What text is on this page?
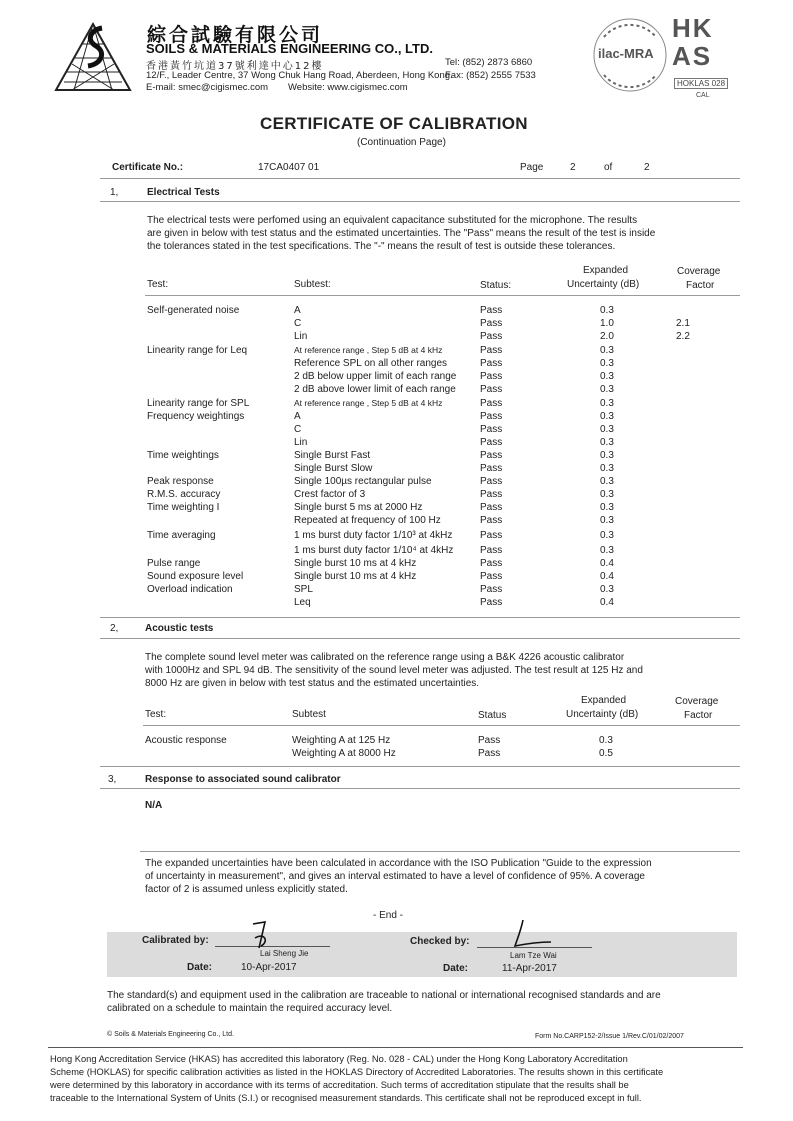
綜合試驗有限公司
SOILS & MATERIALS ENGINEERING CO., LTD.
香港黃竹坑道37號利達中心12樓
12/F., Leader Centre, 37 Wong Chuk Hang Road, Aberdeen, Hong Kong.
E-mail: smec@cigismec.com Website: www.cigismec.com
Tel: (852) 2873 6860
Fax: (852) 2555 7533
ilac-MRA
HK
AS
HOKLAS 028
CAL
CERTIFICATE OF CALIBRATION
(Continuation Page)
Certificate No.:	17CA0407 01	Page	2	of	2
1,	Electrical Tests
The electrical tests were perfomed using an equivalent capacitance substituted for the microphone. The results
are given in below with test status and the estimated uncertainties. The "Pass" means the result of the test is inside
the tolerances stated in the test specifications. The "-" means the result of test is outside these tolerances.
Test:	Subtest:	Status:
Expanded
Uncertainty (dB)
Coverage
Factor
Self-generated noise	A	Pass	0.3
C	Pass	1.0	2.1
Lin	Pass	2.0	2.2
Linearity range for Leq	At reference range , Step 5 dB at 4 kHz	Pass	0.3
Reference SPL on all other ranges	Pass	0.3
2 dB below upper limit of each range Pass	0.3
2 dB above lower limit of each range Pass	0.3
Linearity range for SPL	At reference range , Step 5 dB at 4 kHz	Pass	0.3
Frequency weightings	A	Pass	0.3
C	Pass	0.3
Lin	Pass	0.3
Time weightings	Single Burst Fast	Pass	0.3
Single Burst Slow	Pass	0.3
Peak response	Single 100µs rectangular pulse	Pass	0.3
R.M.S. accuracy	Crest factor of 3	Pass	0.3
Time weighting I	Single burst 5 ms at 2000 Hz	Pass	0.3
Repeated at frequency of 100 Hz	Pass	0.3
Time averaging	1 ms burst duty factor 1/10³ at 4kHz	Pass	0.3
1 ms burst duty factor 1/10⁴ at 4kHz	Pass	0.3
Pulse range	Single burst 10 ms at 4 kHz	Pass	0.4
Sound exposure level	Single burst 10 ms at 4 kHz	Pass	0.4
Overload indication	SPL	Pass	0.3
Leq	Pass	0.4
2,	Acoustic tests
The complete sound level meter was calibrated on the reference range using a B&K 4226 acoustic calibrator
with 1000Hz and SPL 94 dB. The sensitivity of the sound level meter was adjusted. The test result at 125 Hz and
8000 Hz are given in below with test status and the estimated uncertainties.
Test:	Subtest	Status
Expanded
Uncertainty (dB)
Coverage
Factor
Acoustic response	Weighting A at 125 Hz	Pass	0.3
Weighting A at 8000 Hz	Pass	0.5
3,	Response to associated sound calibrator
N/A
The expanded uncertainties have been calculated in accordance with the ISO Publication "Guide to the expression
of uncertainty in measurement", and gives an interval estimated to have a level of confidence of 95%. A coverage
factor of 2 is assumed unless explicitly stated.
- End -
Calibrated by:
Lai Sheng Jie
Date:	10-Apr-2017
Checked by:
Lam Tze Wai
Date:	11-Apr-2017
The standard(s) and equipment used in the calibration are traceable to national or international recognised standards and are
calibrated on a schedule to maintain the required accuracy level.
© Soils & Materials Engineering Co., Ltd.	Form No.CARP152-2/Issue 1/Rev.C/01/02/2007
Hong Kong Accreditation Service (HKAS) has accredited this laboratory (Reg. No. 028 - CAL) under the Hong Kong Laboratory Accreditation
Scheme (HOKLAS) for specific calibration activities as listed in the HOKLAS Directory of Accredited Laboratories. The results shown in this certificate
were determined by this laboratory in accordance with its terms of accreditation. Such terms of accreditation stipulate that the results shall be
traceable to the International System of Units (S.I.) or recognised measurement standards. This certificate shall not be reproduced except in full.
